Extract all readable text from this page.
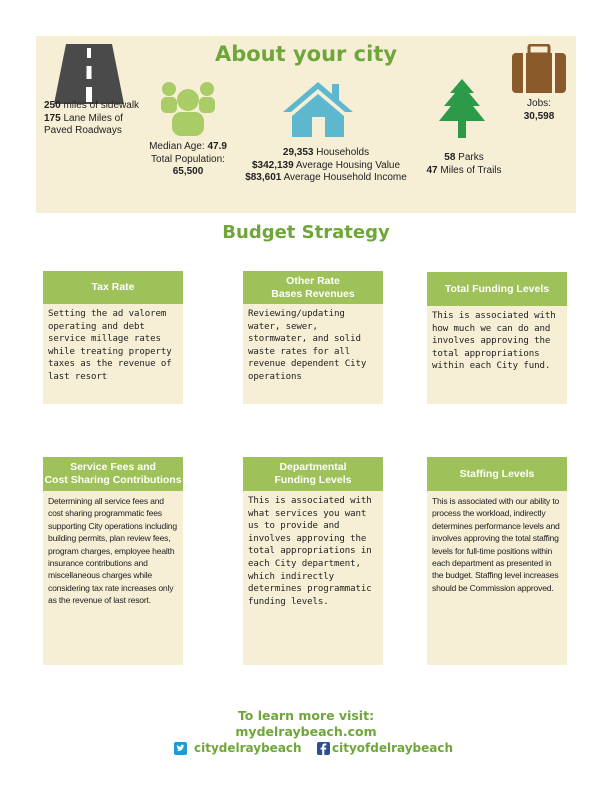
About your city
250 miles of sidewalk
175 Lane Miles of
Paved Roadways
Median Age: 47.9
Total Population:
65,500
29,353 Households
$342,139 Average Housing Value
$83,601 Average Household Income
58 Parks
47 Miles of Trails
Jobs:
30,598
Budget Strategy
Tax Rate
Setting the ad valorem operating and debt service millage rates while treating property taxes as the revenue of last resort
Other Rate
Bases Revenues
Reviewing/updating water, sewer, stormwater, and solid waste rates for all revenue dependent City operations
Total Funding Levels
This is associated with how much we can do and involves approving the total appropriations within each City fund.
Service Fees and
Cost Sharing Contributions
Determining all service fees and cost sharing programmatic fees supporting City operations including building permits, plan review fees, program charges, employee health insurance contributions and miscellaneous charges while considering tax rate increases only as the revenue of last resort.
Departmental
Funding Levels
This is associated with what services you want us to provide and involves approving the total appropriations in each City department, which indirectly determines programmatic funding levels.
Staffing Levels
This is associated with our ability to process the workload, indirectly determines performance levels and involves approving the total staffing levels for full-time positions within each department as presented in the budget. Staffing level increases should be Commission approved.
To learn more visit:
mydelraybeach.com
citydelraybeach	cityofdelraybeach
